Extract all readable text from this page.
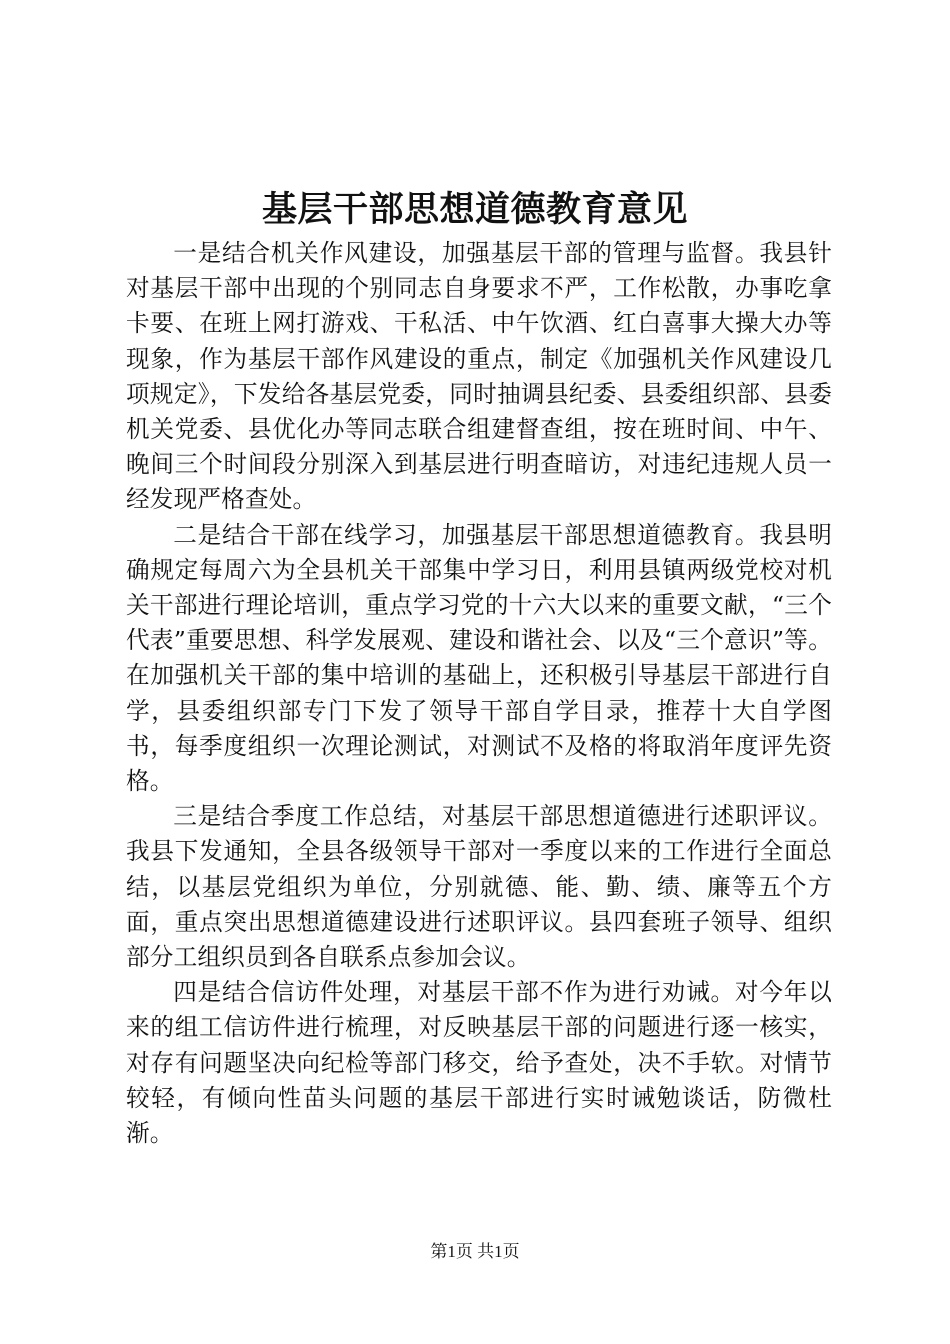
基层干部思想道德教育意见

一是结合机关作风建设，加强基层干部的管理与监督。我县针对基层干部中出现的个别同志自身要求不严，工作松散，办事吃拿卡要、在班上网打游戏、干私活、中午饮酒、红白喜事大操大办等现象，作为基层干部作风建设的重点，制定《加强机关作风建设几项规定》，下发给各基层党委，同时抽调县纪委、县委组织部、县委机关党委、县优化办等同志联合组建督查组，按在班时间、中午、晚间三个时间段分别深入到基层进行明查暗访，对违纪违规人员一经发现严格查处。

二是结合干部在线学习，加强基层干部思想道德教育。我县明确规定每周六为全县机关干部集中学习日，利用县镇两级党校对机关干部进行理论培训，重点学习党的十六大以来的重要文献，“三个代表”重要思想、科学发展观、建设和谐社会、以及“三个意识”等。在加强机关干部的集中培训的基础上，还积极引导基层干部进行自学，县委组织部专门下发了领导干部自学目录，推荐十大自学图书，每季度组织一次理论测试，对测试不及格的将取消年度评先资格。

三是结合季度工作总结，对基层干部思想道德进行述职评议。我县下发通知，全县各级领导干部对一季度以来的工作进行全面总结，以基层党组织为单位，分别就德、能、勤、绩、廉等五个方面，重点突出思想道德建设进行述职评议。县四套班子领导、组织部分工组织员到各自联系点参加会议。

四是结合信访件处理，对基层干部不作为进行劝诫。对今年以来的组工信访件进行梳理，对反映基层干部的问题进行逐一核实，对存有问题坚决向纪检等部门移交，给予查处，决不手软。对情节较轻，有倾向性苗头问题的基层干部进行实时诫勉谈话，防微杜渐。

第1页 共1页
